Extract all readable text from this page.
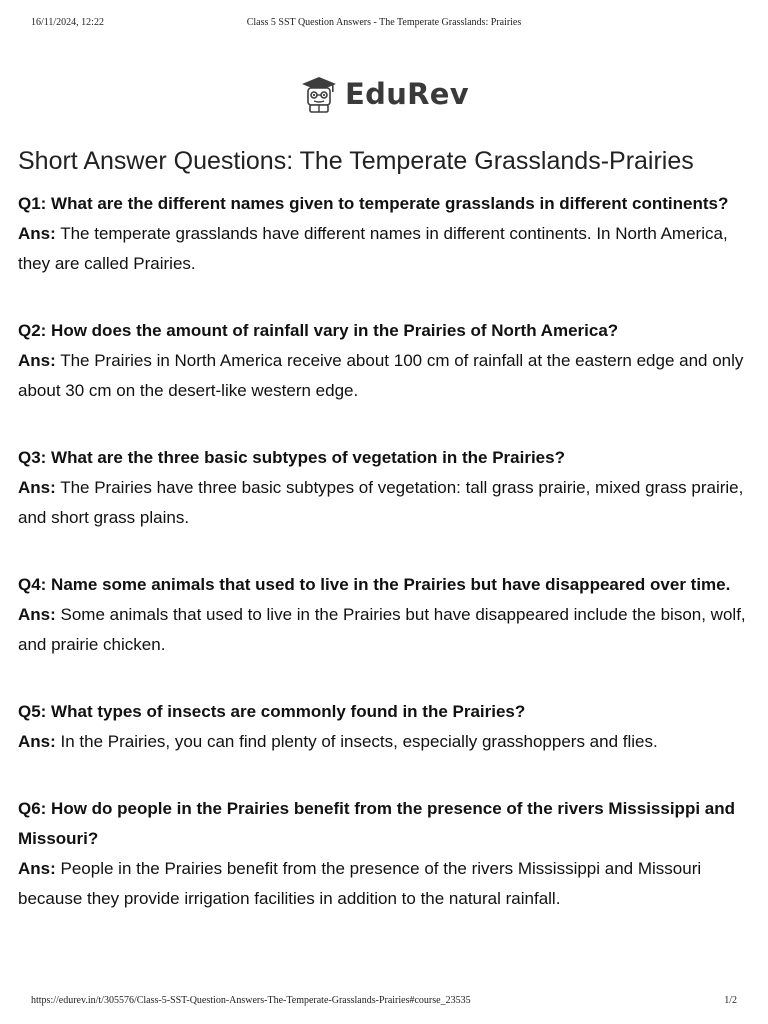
16/11/2024, 12:22	Class 5 SST Question Answers - The Temperate Grasslands: Prairies
EduRev
Short Answer Questions: The Temperate Grasslands-Prairies

Q1: What are the different names given to temperate grasslands in different continents?

Ans: The temperate grasslands have different names in different continents. In North America, they are called Prairies.

Q2: How does the amount of rainfall vary in the Prairies of North America?

Ans: The Prairies in North America receive about 100 cm of rainfall at the eastern edge and only about 30 cm on the desert-like western edge.

Q3: What are the three basic subtypes of vegetation in the Prairies?

Ans: The Prairies have three basic subtypes of vegetation: tall grass prairie, mixed grass prairie, and short grass plains.

Q4: Name some animals that used to live in the Prairies but have disappeared over time.

Ans: Some animals that used to live in the Prairies but have disappeared include the bison, wolf, and prairie chicken.

Q5: What types of insects are commonly found in the Prairies?

Ans: In the Prairies, you can find plenty of insects, especially grasshoppers and flies.

Q6: How do people in the Prairies benefit from the presence of the rivers Mississippi and Missouri?

Ans: People in the Prairies benefit from the presence of the rivers Mississippi and Missouri because they provide irrigation facilities in addition to the natural rainfall.

https://edurev.in/t/305576/Class-5-SST-Question-Answers-The-Temperate-Grasslands-Prairies#course_23535	1/2
